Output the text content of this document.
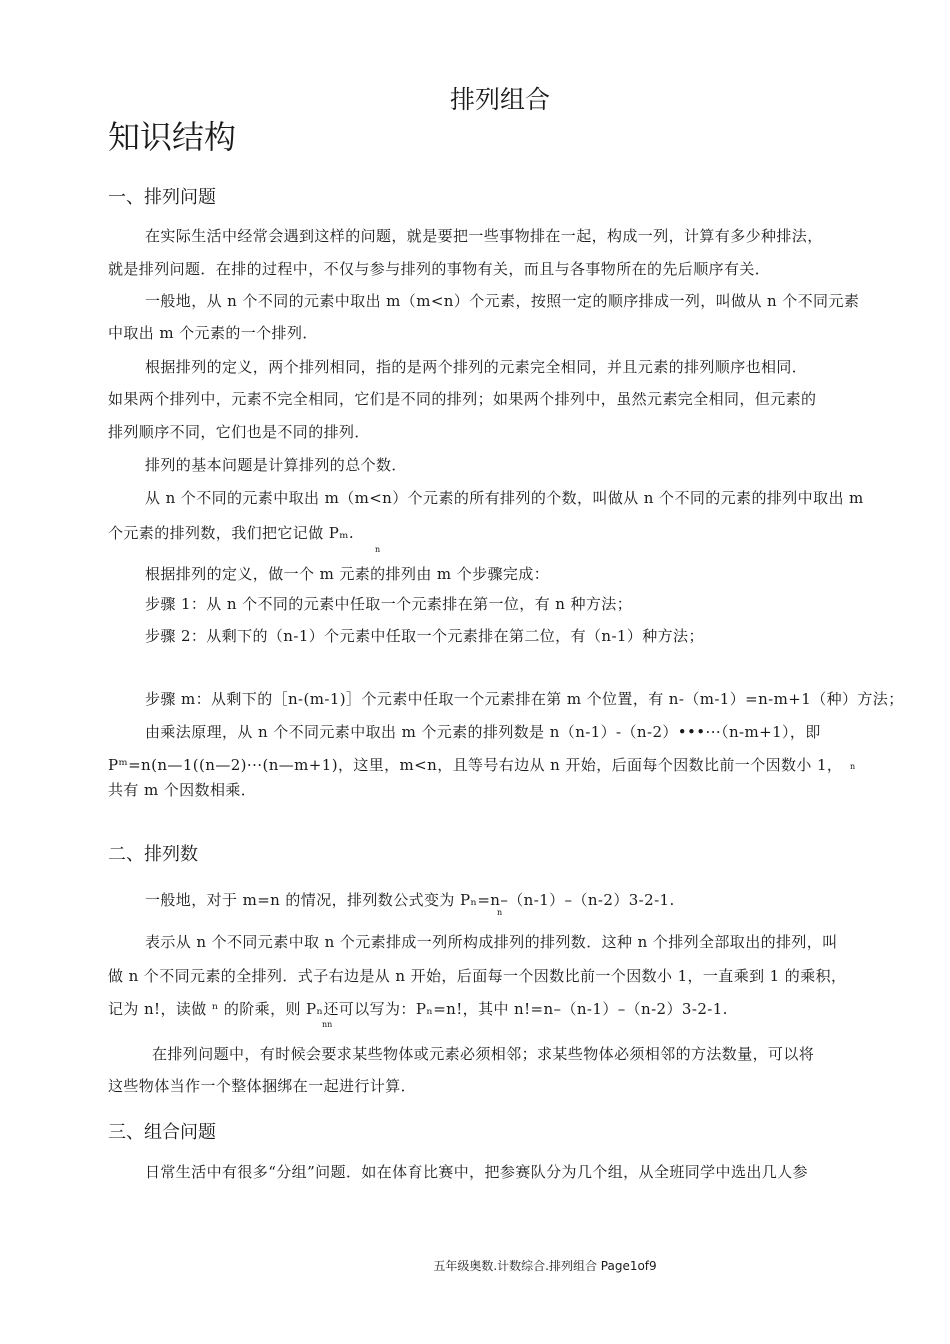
排列组合
知识结构
一、排列问题
在实际生活中经常会遇到这样的问题，就是要把一些事物排在一起，构成一列，计算有多少种排法，
就是排列问题．在排的过程中，不仅与参与排列的事物有关，而且与各事物所在的先后顺序有关．
一般地，从 n 个不同的元素中取出 m（m<n）个元素，按照一定的顺序排成一列，叫做从 n 个不同元素
中取出 m 个元素的一个排列．
根据排列的定义，两个排列相同，指的是两个排列的元素完全相同，并且元素的排列顺序也相同．
如果两个排列中，元素不完全相同，它们是不同的排列；如果两个排列中，虽然元素完全相同，但元素的
排列顺序不同，它们也是不同的排列．
排列的基本问题是计算排列的总个数．
从 n 个不同的元素中取出 m（m<n）个元素的所有排列的个数，叫做从 n 个不同的元素的排列中取出 m
个元素的排列数，我们把它记做 Pₘ.
n
根据排列的定义，做一个 m 元素的排列由 m 个步骤完成：
步骤 1：从 n 个不同的元素中任取一个元素排在第一位，有 n 种方法；
步骤 2：从剩下的（n-1）个元素中任取一个元素排在第二位，有（n-1）种方法；
步骤 m：从剩下的［n-(m-1)］个元素中任取一个元素排在第 m 个位置，有 n-（m-1）=n-m+1（种）方法；
由乘法原理，从 n 个不同元素中取出 m 个元素的排列数是 n（n-1）-（n-2）•••···（n-m+1），即
Pᵐ=n(n—1((n—2)···(n—m+1)，这里，m<n，且等号右边从 n 开始，后面每个因数比前一个因数小 1， n
共有 m 个因数相乘．
二、排列数
一般地，对于 m=n 的情况，排列数公式变为 Pₙ=n–（n-1）–（n-2）3-2-1.
n
表示从 n 个不同元素中取 n 个元素排成一列所构成排列的排列数．这种 n 个排列全部取出的排列，叫
做 n 个不同元素的全排列．式子右边是从 n 开始，后面每一个因数比前一个因数小 1，一直乘到 1 的乘积，
记为 n!，读做 ⁿ 的阶乘，则 Pₙ还可以写为：Pₙ=n!，其中 n!=n–（n-1）–（n-2）3-2-1.
nn
在排列问题中，有时候会要求某些物体或元素必须相邻；求某些物体必须相邻的方法数量，可以将
这些物体当作一个整体捆绑在一起进行计算．
三、组合问题
日常生活中有很多“分组”问题．如在体育比赛中，把参赛队分为几个组，从全班同学中选出几人参
五年级奥数.计数综合.排列组合 Page1of9
